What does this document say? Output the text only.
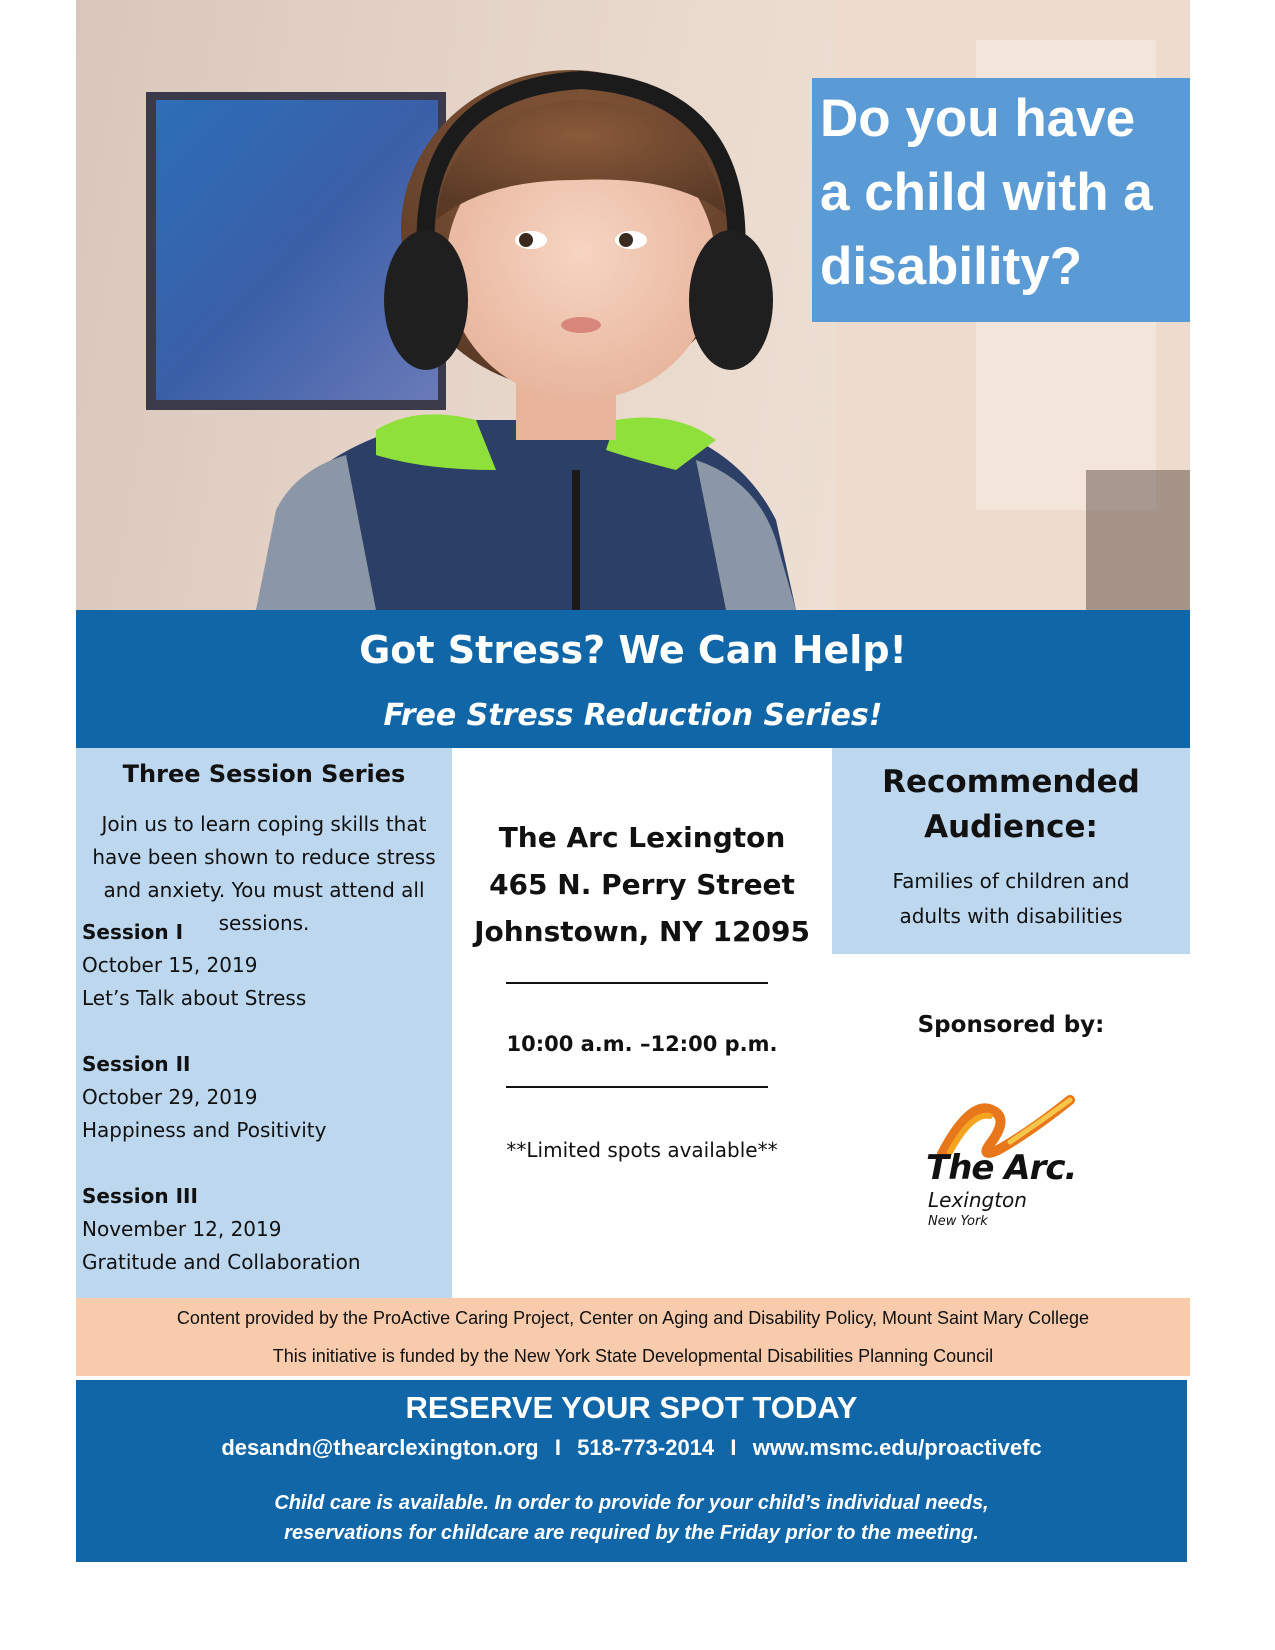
Do you have
a child with a
disability?
Got Stress? We Can Help!
Free Stress Reduction Series!
Three Session Series
Join us to learn coping skills that have been shown to reduce stress and anxiety. You must attend all sessions.
Session I
October 15, 2019
Let’s Talk about Stress
Session II
October 29, 2019
Happiness and Positivity
Session III
November 12, 2019
Gratitude and Collaboration
The Arc Lexington
465 N. Perry Street
Johnstown, NY 12095
10:00 a.m. –12:00 p.m.
**Limited spots available**
Recommended
Audience:
Families of children and
adults with disabilities
Sponsored by:
The Arc.
Lexington
New York
Content provided by the ProActive Caring Project, Center on Aging and Disability Policy, Mount Saint Mary College
This initiative is funded by the New York State Developmental Disabilities Planning Council
RESERVE YOUR SPOT TODAY
desandn@thearclexington.org  I  518-773-2014  I  www.msmc.edu/proactivefc
Child care is available. In order to provide for your child’s individual needs,
reservations for childcare are required by the Friday prior to the meeting.
